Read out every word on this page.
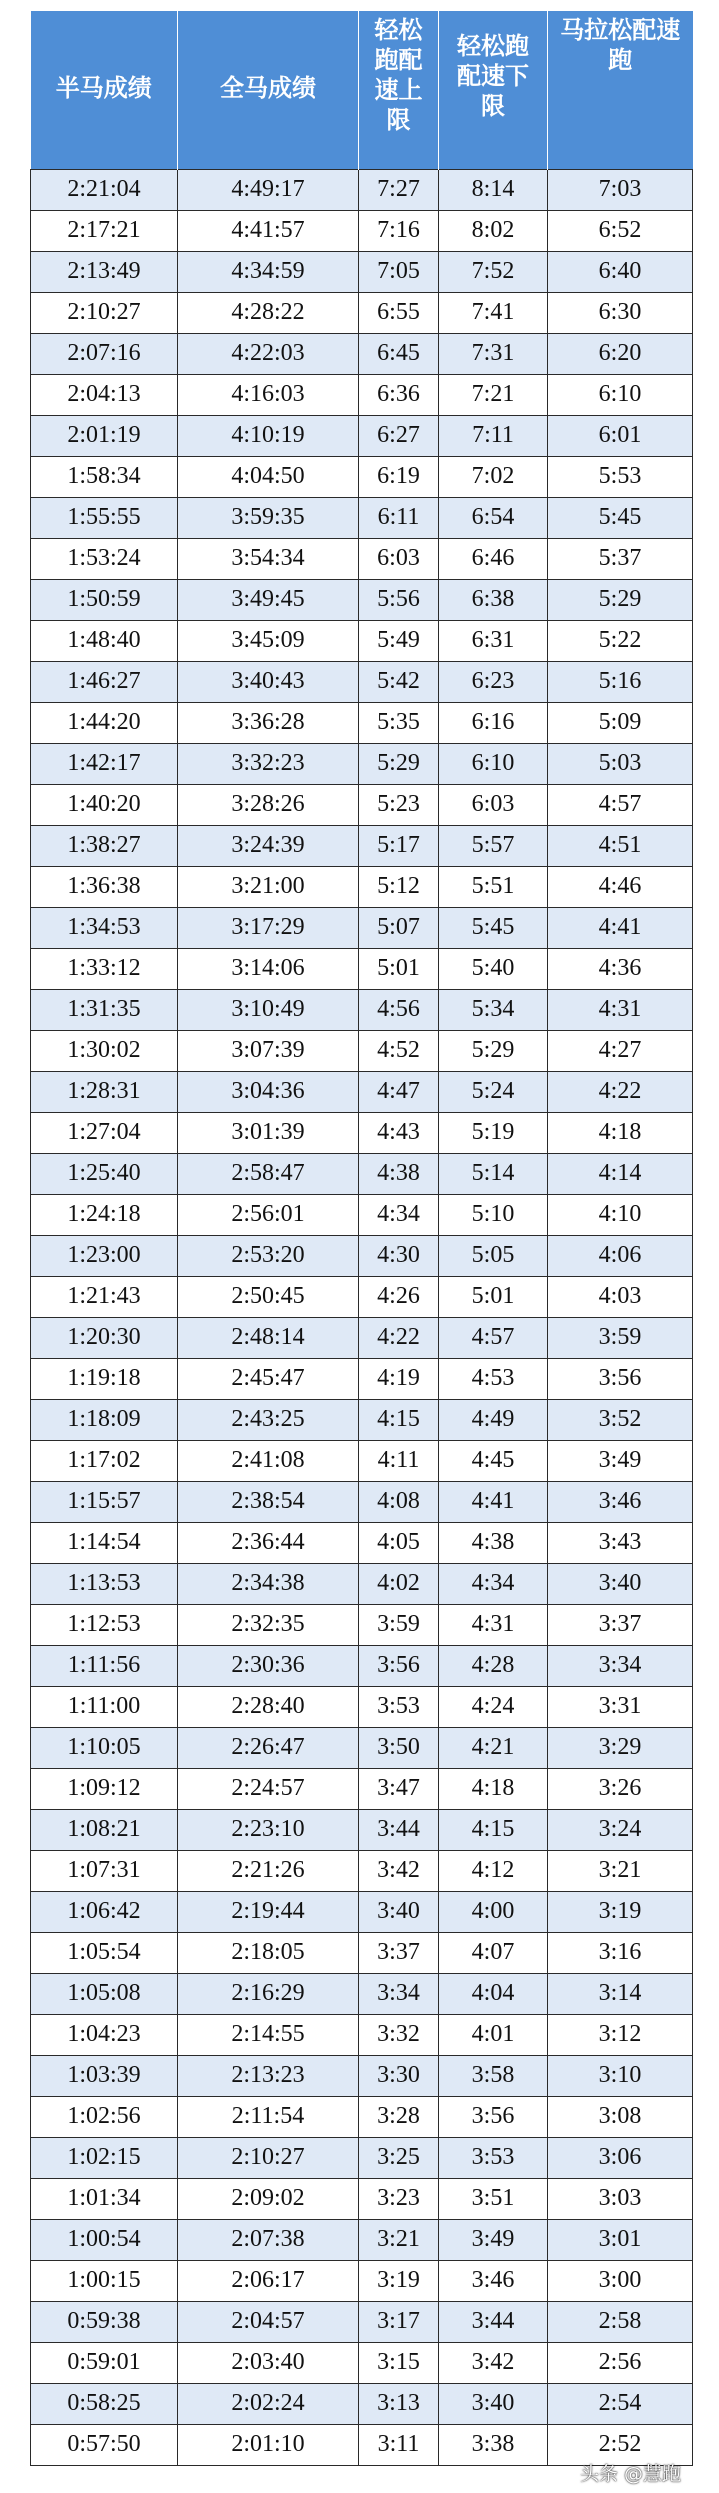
半马成绩	全马成绩	轻松跑配速上限	轻松跑配速下限	马拉松配速跑

2:21:04	4:49:17	7:27	8:14	7:03
2:17:21	4:41:57	7:16	8:02	6:52
2:13:49	4:34:59	7:05	7:52	6:40
2:10:27	4:28:22	6:55	7:41	6:30
2:07:16	4:22:03	6:45	7:31	6:20
2:04:13	4:16:03	6:36	7:21	6:10
2:01:19	4:10:19	6:27	7:11	6:01
1:58:34	4:04:50	6:19	7:02	5:53
1:55:55	3:59:35	6:11	6:54	5:45
1:53:24	3:54:34	6:03	6:46	5:37
1:50:59	3:49:45	5:56	6:38	5:29
1:48:40	3:45:09	5:49	6:31	5:22
1:46:27	3:40:43	5:42	6:23	5:16
1:44:20	3:36:28	5:35	6:16	5:09
1:42:17	3:32:23	5:29	6:10	5:03
1:40:20	3:28:26	5:23	6:03	4:57
1:38:27	3:24:39	5:17	5:57	4:51
1:36:38	3:21:00	5:12	5:51	4:46
1:34:53	3:17:29	5:07	5:45	4:41
1:33:12	3:14:06	5:01	5:40	4:36
1:31:35	3:10:49	4:56	5:34	4:31
1:30:02	3:07:39	4:52	5:29	4:27
1:28:31	3:04:36	4:47	5:24	4:22
1:27:04	3:01:39	4:43	5:19	4:18
1:25:40	2:58:47	4:38	5:14	4:14
1:24:18	2:56:01	4:34	5:10	4:10
1:23:00	2:53:20	4:30	5:05	4:06
1:21:43	2:50:45	4:26	5:01	4:03
1:20:30	2:48:14	4:22	4:57	3:59
1:19:18	2:45:47	4:19	4:53	3:56
1:18:09	2:43:25	4:15	4:49	3:52
1:17:02	2:41:08	4:11	4:45	3:49
1:15:57	2:38:54	4:08	4:41	3:46
1:14:54	2:36:44	4:05	4:38	3:43
1:13:53	2:34:38	4:02	4:34	3:40
1:12:53	2:32:35	3:59	4:31	3:37
1:11:56	2:30:36	3:56	4:28	3:34
1:11:00	2:28:40	3:53	4:24	3:31
1:10:05	2:26:47	3:50	4:21	3:29
1:09:12	2:24:57	3:47	4:18	3:26
1:08:21	2:23:10	3:44	4:15	3:24
1:07:31	2:21:26	3:42	4:12	3:21
1:06:42	2:19:44	3:40	4:00	3:19
1:05:54	2:18:05	3:37	4:07	3:16
1:05:08	2:16:29	3:34	4:04	3:14
1:04:23	2:14:55	3:32	4:01	3:12
1:03:39	2:13:23	3:30	3:58	3:10
1:02:56	2:11:54	3:28	3:56	3:08
1:02:15	2:10:27	3:25	3:53	3:06
1:01:34	2:09:02	3:23	3:51	3:03
1:00:54	2:07:38	3:21	3:49	3:01
1:00:15	2:06:17	3:19	3:46	3:00
0:59:38	2:04:57	3:17	3:44	2:58
0:59:01	2:03:40	3:15	3:42	2:56
0:58:25	2:02:24	3:13	3:40	2:54
0:57:50	2:01:10	3:11	3:38	2:52
头条 @慧跑
